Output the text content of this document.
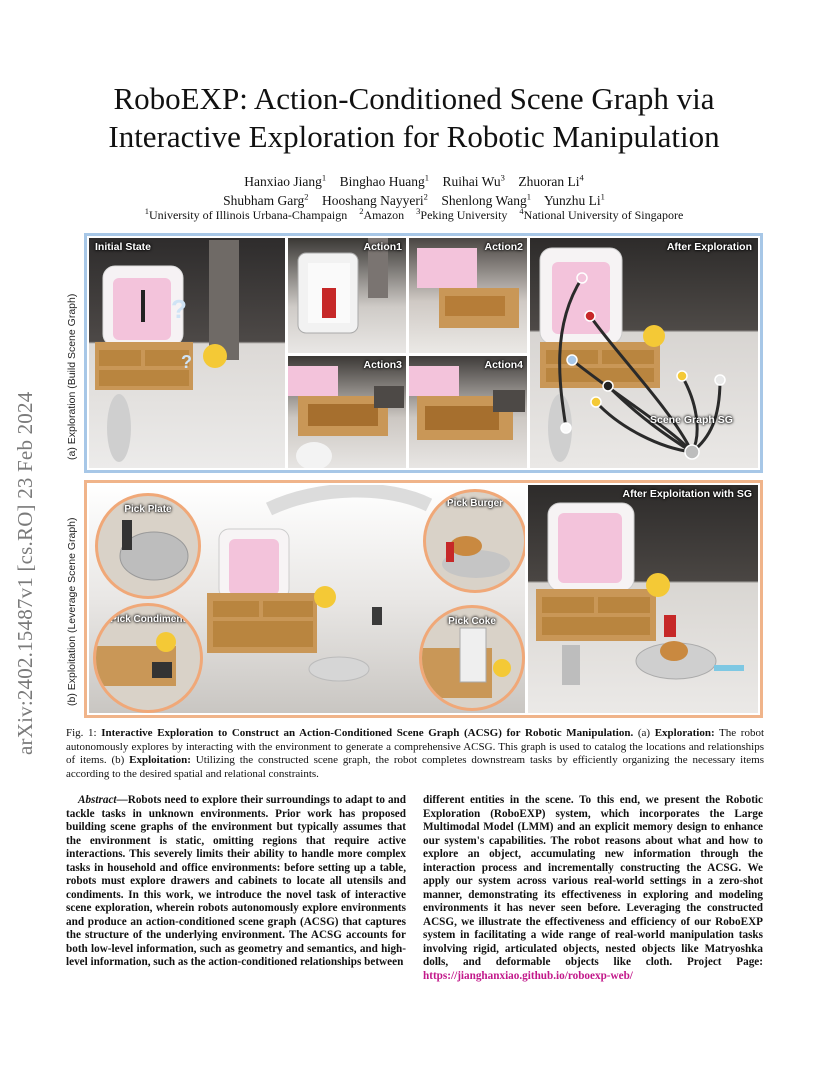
RoboEXP: Action-Conditioned Scene Graph via
Interactive Exploration for Robotic Manipulation
Hanxiao Jiang$^1$ Binghao Huang$^1$ Ruihai Wu$^3$ Zhuoran Li$^4$
Shubham Garg$^2$ Hooshang Nayyeri$^2$ Shenlong Wang$^1$ Yunzhu Li$^1$
$^1$University of Illinois Urbana-Champaign $^2$Amazon $^3$Peking University $^4$National University of Singapore
arXiv:2402.15487v1 [cs.RO] 23 Feb 2024
(a) Exploration (Build Scene Graph)
(b) Exploitation (Leverage Scene Graph)
?
?
Initial State	Action1	Action2
Action3	Action4
After Exploration
Scene Graph SG
Pick Plate
Pick Burger
Pick Condiment	Pick Coke
After Exploitation with SG
Fig. 1: Interactive Exploration to Construct an Action-Conditioned Scene Graph (ACSG) for Robotic Manipulation. (a) Exploration: The robot autonomously explores by interacting with the environment to generate a comprehensive ACSG. This graph is used to catalog the locations and relationships of items. (b) Exploitation: Utilizing the constructed scene graph, the robot completes downstream tasks by efficiently organizing the necessary items according to the desired spatial and relational constraints.
Abstract—Robots need to explore their surroundings to adapt to and tackle tasks in unknown environments. Prior work has proposed building scene graphs of the environment but typically assumes that the environment is static, omitting regions that require active interactions. This severely limits their ability to handle more complex tasks in household and office environments: before setting up a table, robots must explore drawers and cabinets to locate all utensils and condiments. In this work, we introduce the novel task of interactive scene exploration, wherein robots autonomously explore environments and produce an action-conditioned scene graph (ACSG) that captures the structure of the underlying environment. The ACSG accounts for both low-level information, such as geometry and semantics, and high-level information, such as the action-conditioned relationships between
different entities in the scene. To this end, we present the Robotic Exploration (RoboEXP) system, which incorporates the Large Multimodal Model (LMM) and an explicit memory design to enhance our system's capabilities. The robot reasons about what and how to explore an object, accumulating new information through the interaction process and incrementally constructing the ACSG. We apply our system across various real-world settings in a zero-shot manner, demonstrating its effectiveness in exploring and modeling environments it has never seen before. Leveraging the constructed ACSG, we illustrate the effectiveness and efficiency of our RoboEXP system in facilitating a wide range of real-world manipulation tasks involving rigid, articulated objects, nested objects like Matryoshka dolls, and deformable objects like cloth. Project Page: https://jianghanxiao.github.io/roboexp-web/
